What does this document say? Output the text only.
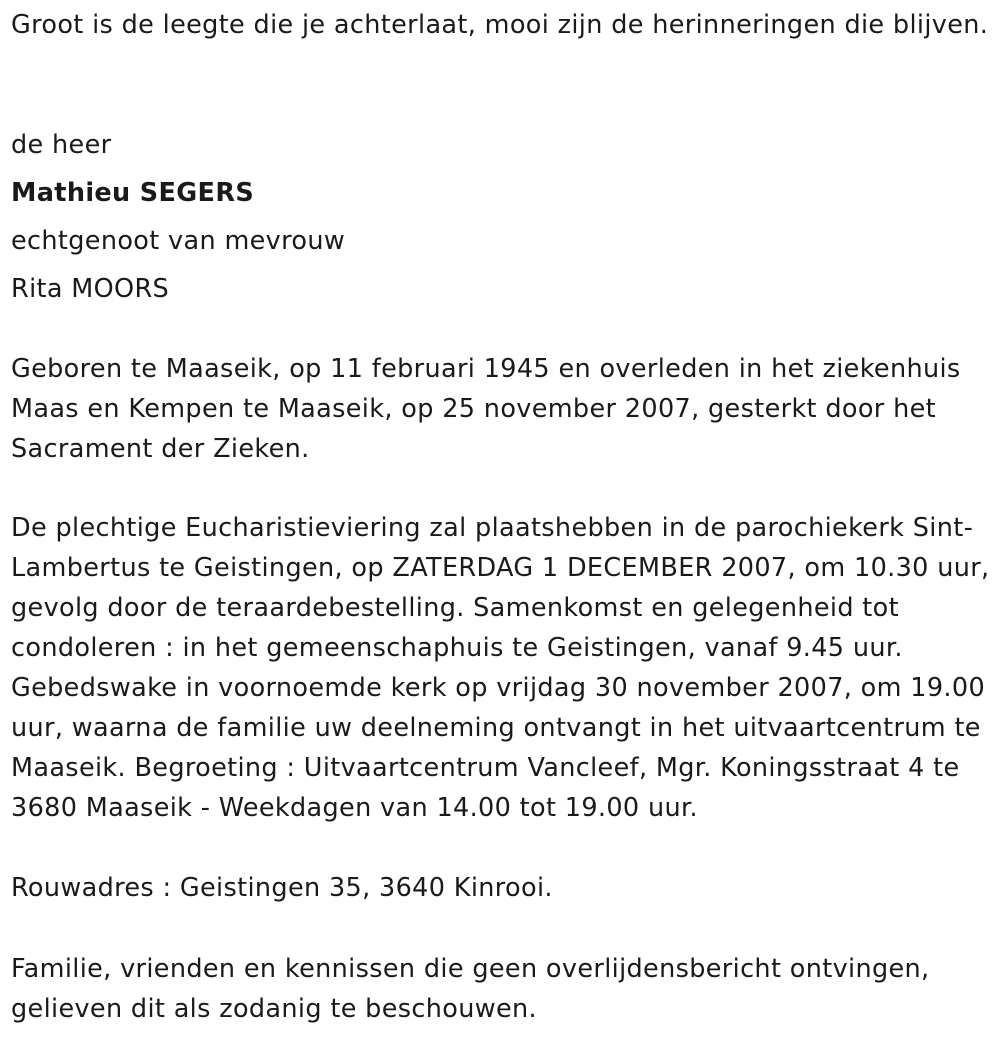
Groot is de leegte die je achterlaat, mooi zijn de herinneringen die blijven.

de heer

Mathieu SEGERS

echtgenoot van mevrouw

Rita MOORS

Geboren te Maaseik, op 11 februari 1945 en overleden in het ziekenhuis Maas en Kempen te Maaseik, op 25 november 2007, gesterkt door het Sacrament der Zieken.

De plechtige Eucharistieviering zal plaatshebben in de parochiekerk Sint-Lambertus te Geistingen, op ZATERDAG 1 DECEMBER 2007, om 10.30 uur, gevolg door de teraardebestelling. Samenkomst en gelegenheid tot condoleren : in het gemeenschaphuis te Geistingen, vanaf 9.45 uur. Gebedswake in voornoemde kerk op vrijdag 30 november 2007, om 19.00 uur, waarna de familie uw deelneming ontvangt in het uitvaartcentrum te Maaseik. Begroeting : Uitvaartcentrum Vancleef, Mgr. Koningsstraat 4 te 3680 Maaseik - Weekdagen van 14.00 tot 19.00 uur.

Rouwadres : Geistingen 35, 3640 Kinrooi.

Familie, vrienden en kennissen die geen overlijdensbericht ontvingen, gelieven dit als zodanig te beschouwen.
